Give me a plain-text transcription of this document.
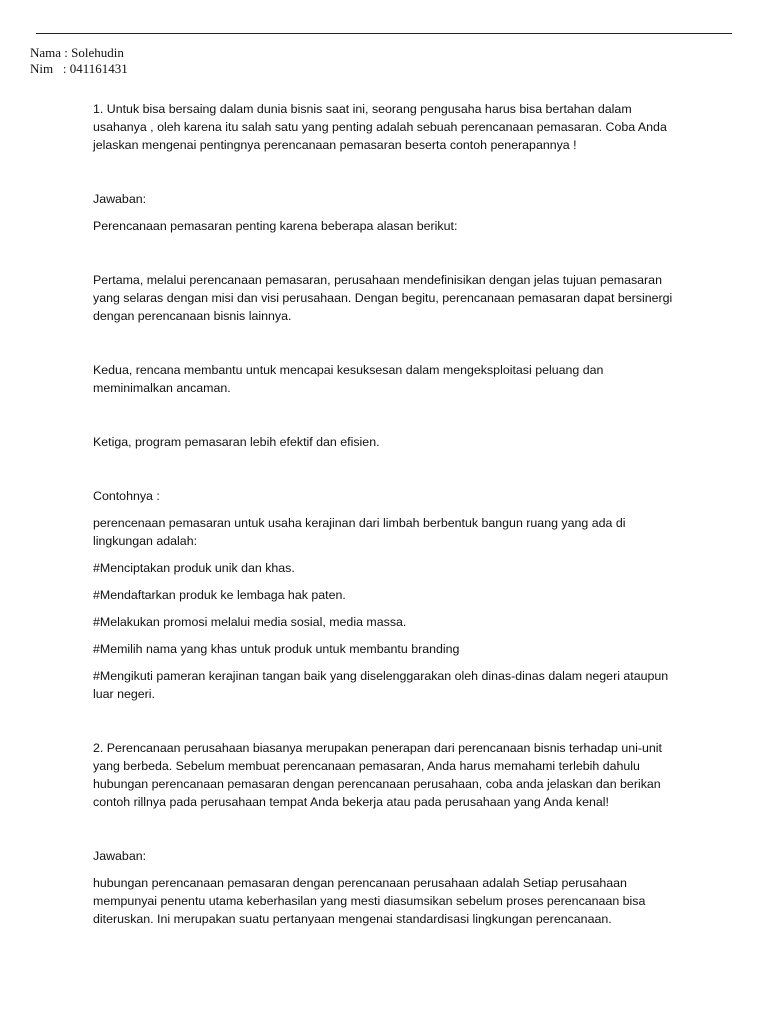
Nama : Solehudin
Nim   : 041161431

1. Untuk bisa bersaing dalam dunia bisnis saat ini, seorang pengusaha harus bisa bertahan dalam usahanya , oleh karena itu salah satu yang penting adalah sebuah perencanaan pemasaran. Coba Anda jelaskan mengenai pentingnya perencanaan pemasaran beserta contoh penerapannya !

Jawaban:

Perencanaan pemasaran penting karena beberapa alasan berikut:

Pertama, melalui perencanaan pemasaran, perusahaan mendefinisikan dengan jelas tujuan pemasaran yang selaras dengan misi dan visi perusahaan. Dengan begitu, perencanaan pemasaran dapat bersinergi dengan perencanaan bisnis lainnya.

Kedua, rencana membantu untuk mencapai kesuksesan dalam mengeksploitasi peluang dan meminimalkan ancaman.

Ketiga, program pemasaran lebih efektif dan efisien.

Contohnya :

perencenaan pemasaran untuk usaha kerajinan dari limbah berbentuk bangun ruang yang ada di lingkungan adalah:

#Menciptakan produk unik dan khas.

#Mendaftarkan produk ke lembaga hak paten.

#Melakukan promosi melalui media sosial, media massa.

#Memilih nama yang khas untuk produk untuk membantu branding

#Mengikuti pameran kerajinan tangan baik yang diselenggarakan oleh dinas-dinas dalam negeri ataupun luar negeri.

2. Perencanaan perusahaan biasanya merupakan penerapan dari perencanaan bisnis terhadap uni-unit yang berbeda. Sebelum membuat perencanaan pemasaran, Anda harus memahami terlebih dahulu hubungan perencanaan pemasaran dengan perencanaan perusahaan, coba anda jelaskan dan berikan contoh rillnya pada perusahaan tempat Anda bekerja atau pada perusahaan yang Anda kenal!

Jawaban:

hubungan perencanaan pemasaran dengan perencanaan perusahaan adalah Setiap perusahaan mempunyai penentu utama keberhasilan yang mesti diasumsikan sebelum proses perencanaan bisa diteruskan. Ini merupakan suatu pertanyaan mengenai standardisasi lingkungan perencanaan.
